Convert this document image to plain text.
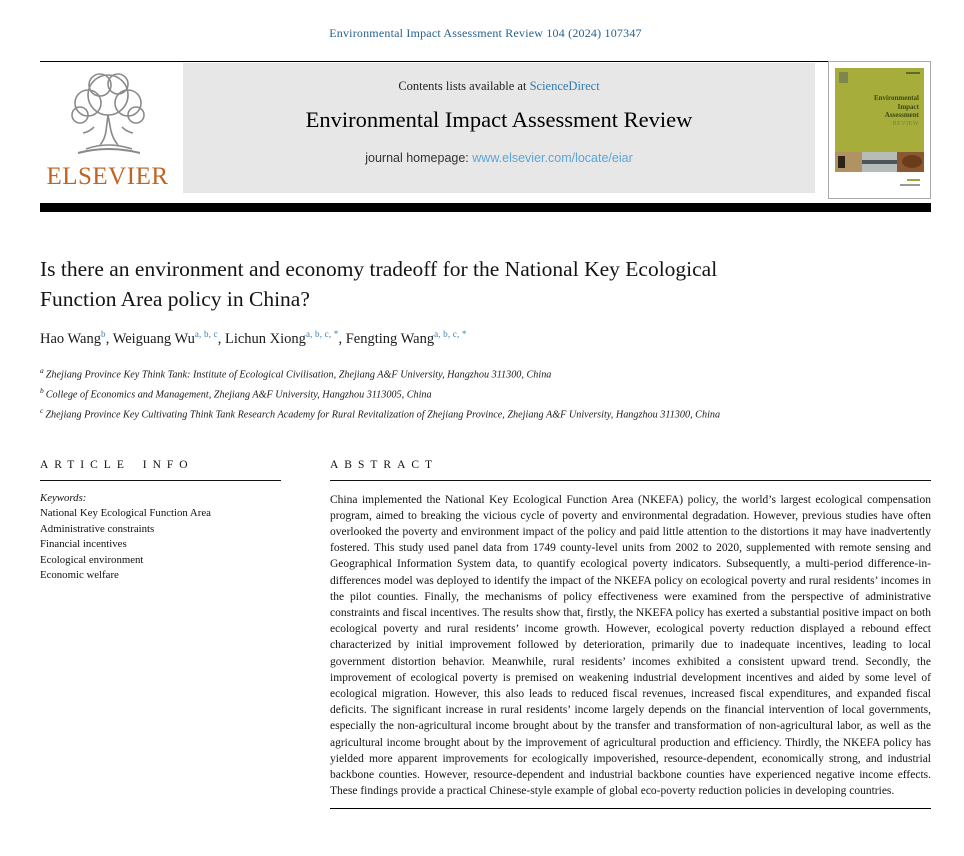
Environmental Impact Assessment Review 104 (2024) 107347
ELSEVIER
Contents lists available at ScienceDirect
Environmental Impact Assessment Review
journal homepage: www.elsevier.com/locate/eiar
Environmental
Impact
Assessment
REVIEW
Is there an environment and economy tradeoff for the National Key Ecological Function Area policy in China?
Hao Wang$^b$, Weiguang Wu$^{a, b, c}$, Lichun Xiong$^{a, b, c, *}$, Fengting Wang$^{a, b, c, *}$
$^a$ Zhejiang Province Key Think Tank: Institute of Ecological Civilisation, Zhejiang A&F University, Hangzhou 311300, China
$^b$ College of Economics and Management, Zhejiang A&F University, Hangzhou 3113005, China
$^c$ Zhejiang Province Key Cultivating Think Tank Research Academy for Rural Revitalization of Zhejiang Province, Zhejiang A&F University, Hangzhou 311300, China
ARTICLE INFO
Keywords:
National Key Ecological Function Area
Administrative constraints
Financial incentives
Ecological environment
Economic welfare
ABSTRACT
China implemented the National Key Ecological Function Area (NKEFA) policy, the world’s largest ecological compensation program, aimed to breaking the vicious cycle of poverty and environmental degradation. However, previous studies have often overlooked the poverty and environment impact of the policy and paid little attention to the distortions it may have inadvertently fostered. This study used panel data from 1749 county-level units from 2002 to 2020, supplemented with remote sensing and Geographical Information System data, to quantify ecological poverty indicators. Subsequently, a multi-period difference-in-differences model was deployed to identify the impact of the NKEFA policy on ecological poverty and rural residents’ incomes in the pilot counties. Finally, the mechanisms of policy effectiveness were examined from the perspective of administrative constraints and fiscal incentives. The results show that, firstly, the NKEFA policy has exerted a substantial positive impact on both ecological poverty and rural residents’ income growth. However, ecological poverty reduction displayed a rebound effect characterized by initial improvement followed by deterioration, primarily due to inadequate incentives, leading to local government distortion behavior. Meanwhile, rural residents’ incomes exhibited a consistent upward trend. Secondly, the improvement of ecological poverty is premised on weakening industrial development incentives and aided by some level of ecological migration. However, this also leads to reduced fiscal revenues, increased fiscal expenditures, and expanded fiscal deficits. The significant increase in rural residents’ income largely depends on the financial intervention of local governments, especially the non-agricultural income brought about by the transfer and transformation of non-agricultural labor, as well as the agricultural income brought about by the improvement of agricultural production and efficiency. Thirdly, the NKEFA policy has yielded more apparent improvements for ecologically impoverished, resource-dependent, economically strong, and industrial backbone counties. However, resource-dependent and industrial backbone counties have experienced negative income effects. These findings provide a practical Chinese-style example of global eco-poverty reduction policies in developing countries.
